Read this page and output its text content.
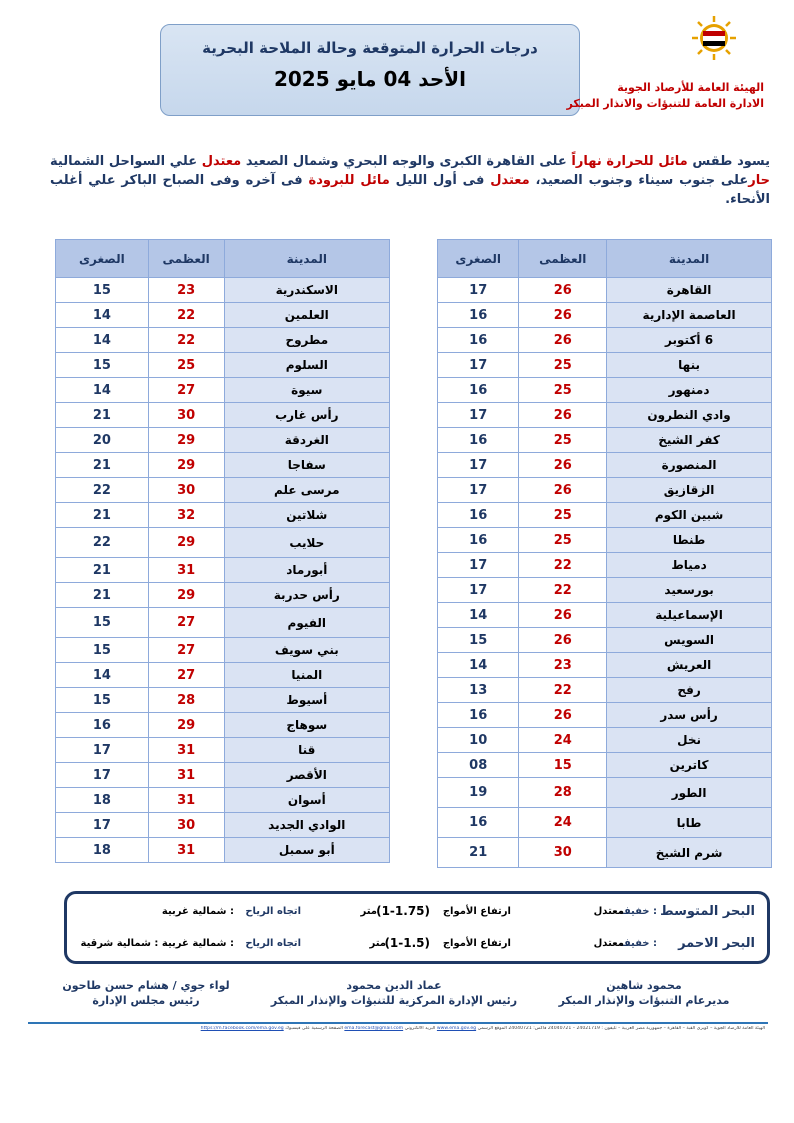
درجات الحرارة المتوقعة وحالة الملاحة البحرية
الأحد 04 مايو 2025	الهيئة العامة للأرصاد الجوية
الادارة العامة للتنبؤات والانذار المبكر
يسود طقس مائل للحرارة نهاراً على القاهرة الكبرى والوجه البحري وشمال الصعيد معتدل علي السواحل الشمالية حارعلى جنوب سيناء وجنوب الصعيد، معتدل فى أول الليل مائل للبرودة فى آخره وفى الصباح الباكر علي أغلب الأنحاء.
المدينة	العظمى	الصغرى
القاهرة	26	17
العاصمة الإدارية	26	16
6 أكتوبر	26	16
بنها	25	17
دمنهور	25	16
وادي النطرون	26	17
كفر الشيخ	25	16
المنصورة	26	17
الزقازيق	26	17
شبين الكوم	25	16
طنطا	25	16
دمياط	22	17
بورسعيد	22	17
الإسماعيلية	26	14
السويس	26	15
العريش	23	14
رفح	22	13
رأس سدر	26	16
نخل	24	10
كاترين	15	08
الطور	28	19
طابا	24	16
شرم الشيخ	30	21
المدينة	العظمى	الصغرى
الاسكندرية	23	15
العلمين	22	14
مطروح	22	14
السلوم	25	15
سيوة	27	14
رأس غارب	30	21
الغردقة	29	20
سفاجا	29	21
مرسى علم	30	22
شلاتين	32	21
حلايب	29	22
أبورماد	31	21
رأس حدربة	29	21
الفيوم	27	15
بني سويف	27	15
المنيا	27	14
أسيوط	28	15
سوهاج	29	16
قنا	31	17
الأقصر	31	17
أسوان	31	18
الوادي الجديد	30	17
أبو سمبل	31	18
البحر المتوسط
: خفيف
معتدل
ارتفاع الأمواج
(1-1.75)
متر
اتجاه الرياح
: شمالية غربية
البحر الاحمر
: خفيف
معتدل
ارتفاع الأمواج
(1-1.5)
متر
اتجاه الرياح
: شمالية غربية : شمالية شرقية
محمود شاهين
مديرعام التنبؤات والإنذار المبكر
عماد الدين محمود
رئيس الإدارة المركزية للتنبؤات والإنذار المبكر
لواء جوي / هشام حسن طاحون
رئيس مجلس الإدارة
الهيئة العامة للأرصاد الجوية – كوبري القبة – القاهرة – جمهورية مصر العربية – تليفون : 24021719 – 24040721 فاكس: 24040721 الموقع الرسمي www.ema.gov.eg البريد الالكتروني ema.forecast@gmail.com الصفحة الرسمية على فيسبوك https://m.facebook.com/ema.gov.eg
